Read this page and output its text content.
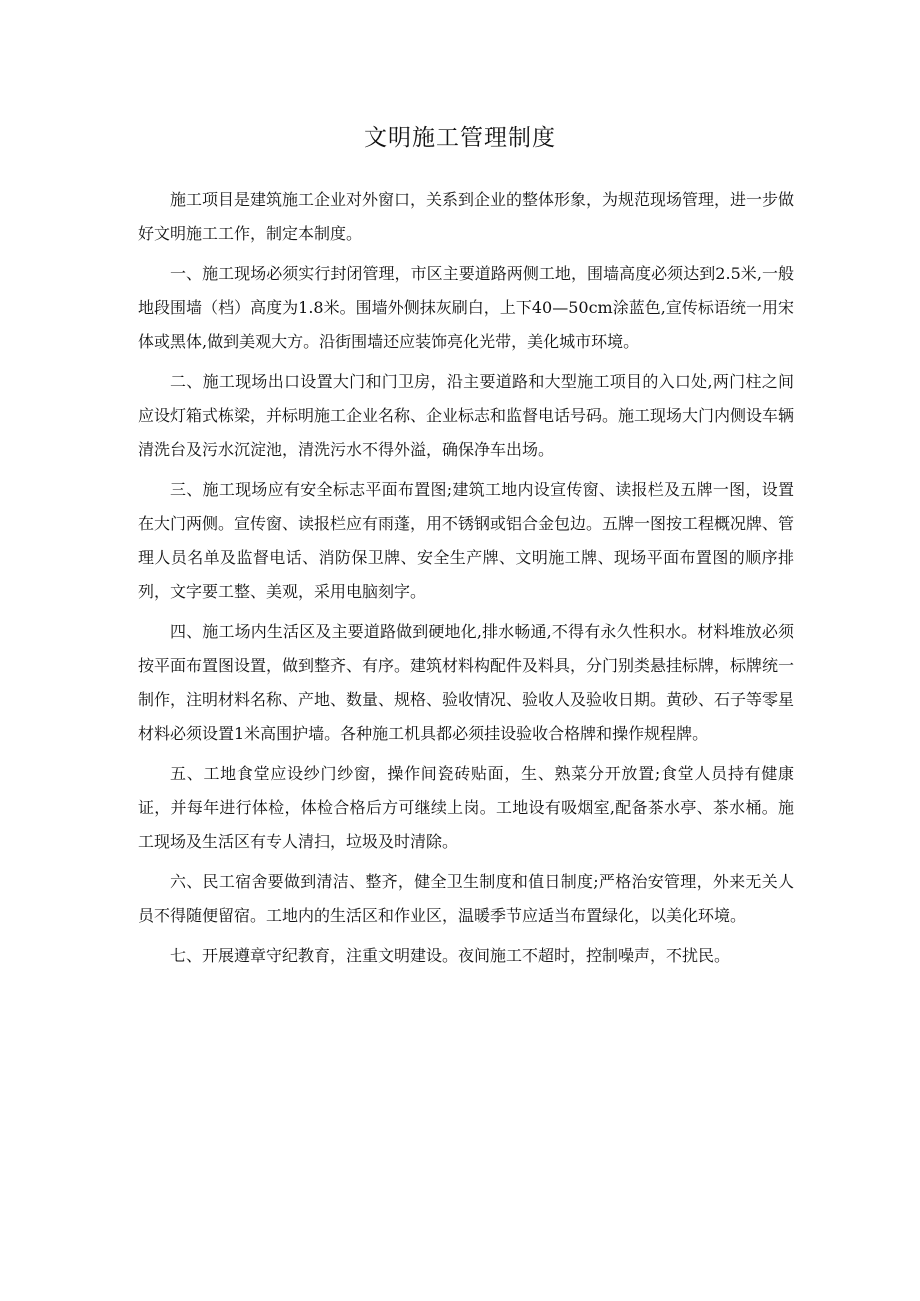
文明施工管理制度

施工项目是建筑施工企业对外窗口，关系到企业的整体形象，为规范现场管理，进一步做好文明施工工作，制定本制度。

一、施工现场必须实行封闭管理，市区主要道路两侧工地，围墙高度必须达到2.5米,一般地段围墙（档）高度为1.8米。围墙外侧抹灰刷白，上下40—50cm涂蓝色,宣传标语统一用宋体或黑体,做到美观大方。沿街围墙还应装饰亮化光带，美化城市环境。

二、施工现场出口设置大门和门卫房，沿主要道路和大型施工项目的入口处,两门柱之间应设灯箱式栋梁，并标明施工企业名称、企业标志和监督电话号码。施工现场大门内侧设车辆清洗台及污水沉淀池，清洗污水不得外溢，确保净车出场。

三、施工现场应有安全标志平面布置图;建筑工地内设宣传窗、读报栏及五牌一图，设置在大门两侧。宣传窗、读报栏应有雨蓬，用不锈钢或铝合金包边。五牌一图按工程概况牌、管理人员名单及监督电话、消防保卫牌、安全生产牌、文明施工牌、现场平面布置图的顺序排列，文字要工整、美观，采用电脑刻字。

四、施工场内生活区及主要道路做到硬地化,排水畅通,不得有永久性积水。材料堆放必须按平面布置图设置，做到整齐、有序。建筑材料构配件及料具，分门别类悬挂标牌，标牌统一制作，注明材料名称、产地、数量、规格、验收情况、验收人及验收日期。黄砂、石子等零星材料必须设置1米高围护墙。各种施工机具都必须挂设验收合格牌和操作规程牌。

五、工地食堂应设纱门纱窗，操作间瓷砖贴面，生、熟菜分开放置;食堂人员持有健康证，并每年进行体检，体检合格后方可继续上岗。工地设有吸烟室,配备茶水亭、茶水桶。施工现场及生活区有专人清扫，垃圾及时清除。

六、民工宿舍要做到清洁、整齐，健全卫生制度和值日制度;严格治安管理，外来无关人员不得随便留宿。工地内的生活区和作业区，温暖季节应适当布置绿化，以美化环境。

七、开展遵章守纪教育，注重文明建设。夜间施工不超时，控制噪声，不扰民。
